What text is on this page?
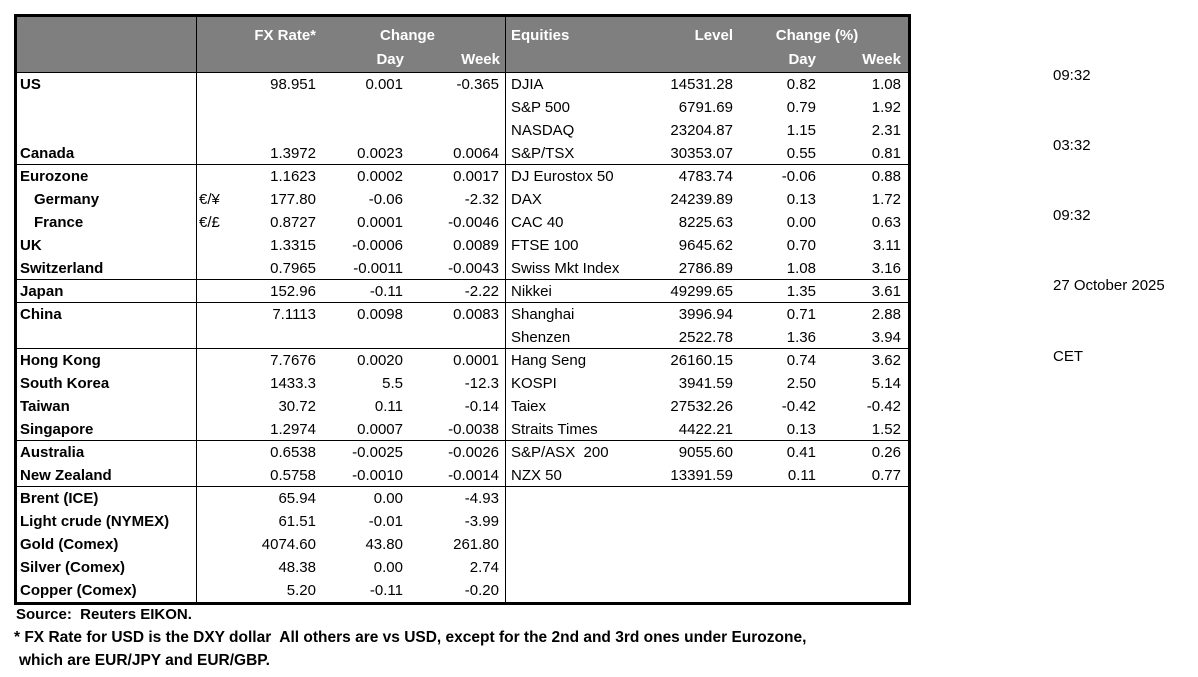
FX Rate*	Change	Equities	Level	Change (%)
Day	Week	Day	Week
US	98.951	0.001	-0.365 DJIA	14531.28	0.82	1.08
S&P 500	6791.69	0.79	1.92
NASDAQ	23204.87	1.15	2.31
Canada	1.3972	0.0023	0.0064 S&P/TSX	30353.07	0.55	0.81
Eurozone	1.1623	0.0002	0.0017 DJ Eurostox 50	4783.74	-0.06	0.88
Germany	€/¥	177.80	-0.06	-2.32 DAX	24239.89	0.13	1.72
France	€/£	0.8727	0.0001	-0.0046 CAC 40	8225.63	0.00	0.63
UK	1.3315	-0.0006	0.0089 FTSE 100	9645.62	0.70	3.11
Switzerland	0.7965	-0.0011	-0.0043 Swiss Mkt Index	2786.89	1.08	3.16
Japan	152.96	-0.11	-2.22 Nikkei	49299.65	1.35	3.61
China	7.1113	0.0098	0.0083 Shanghai	3996.94	0.71	2.88
Shenzen	2522.78	1.36	3.94
Hong Kong	7.7676	0.0020	0.0001 Hang Seng	26160.15	0.74	3.62
South Korea	1433.3	5.5	-12.3 KOSPI	3941.59	2.50	5.14
Taiwan	30.72	0.11	-0.14 Taiex	27532.26	-0.42	-0.42
Singapore	1.2974	0.0007	-0.0038 Straits Times	4422.21	0.13	1.52
Australia	0.6538	-0.0025	-0.0026 S&P/ASX  200	9055.60	0.41	0.26
New Zealand	0.5758	-0.0010	-0.0014 NZX 50	13391.59	0.11	0.77
Brent (ICE)	65.94	0.00	-4.93
Light crude (NYMEX)	61.51	-0.01	-3.99
Gold (Comex)	4074.60	43.80	261.80
Silver (Comex)	48.38	0.00	2.74
Copper (Comex)	5.20	-0.11	-0.20

09:32

03:32

09:32

27 October 2025

CET

Source:  Reuters EIKON.
* FX Rate for USD is the DXY dollar  All others are vs USD, except for the 2nd and 3rd ones under Eurozone,
which are EUR/JPY and EUR/GBP.
